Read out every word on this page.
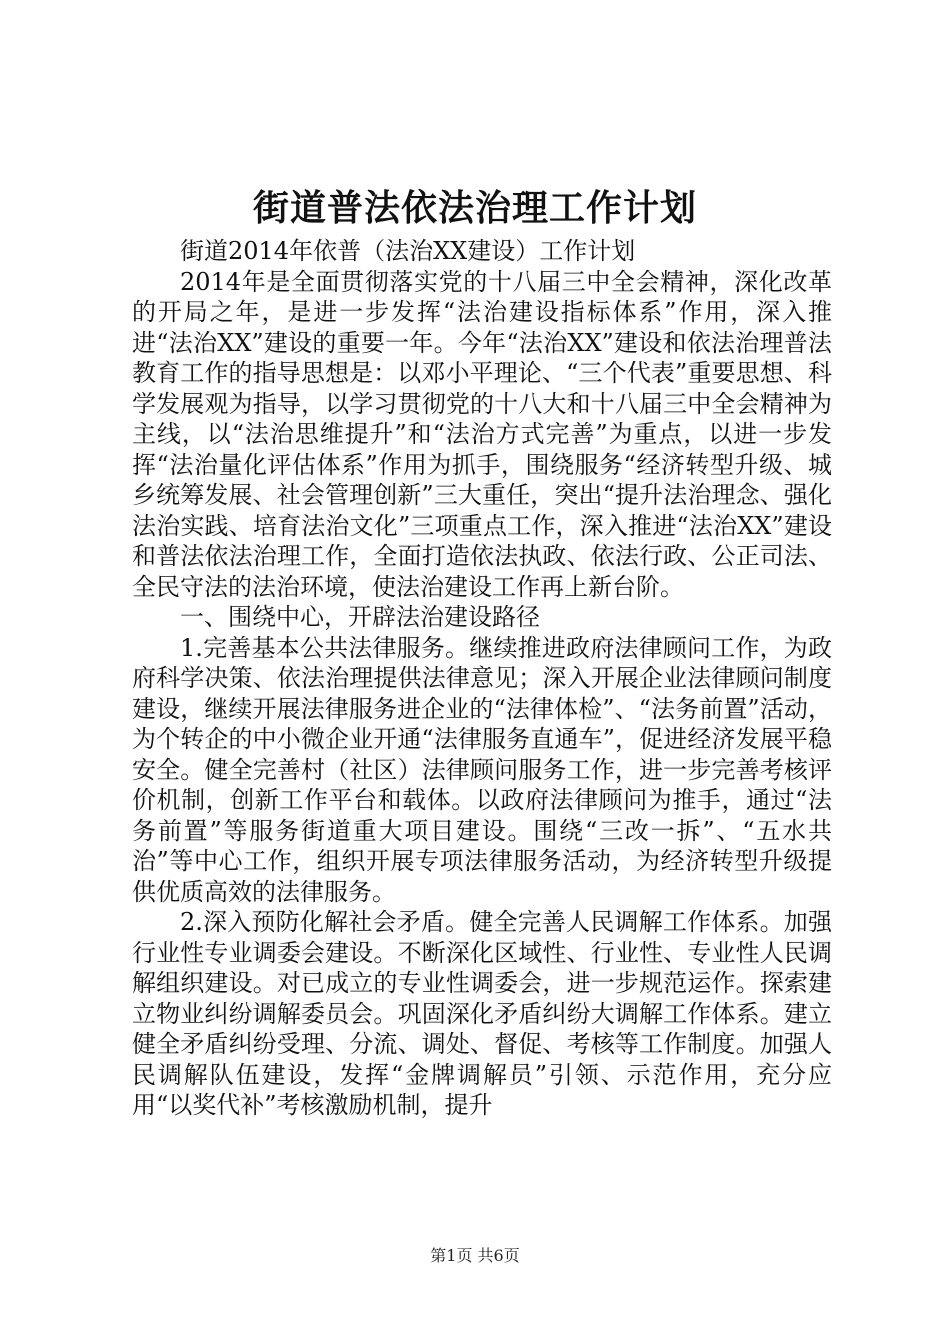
街道普法依法治理工作计划

街道2014年依普（法治XX建设）工作计划

2014年是全面贯彻落实党的十八届三中全会精神，深化改革的开局之年，是进一步发挥“法治建设指标体系”作用，深入推进“法治XX”建设的重要一年。今年“法治XX”建设和依法治理普法教育工作的指导思想是：以邓小平理论、“三个代表”重要思想、科学发展观为指导，以学习贯彻党的十八大和十八届三中全会精神为主线，以“法治思维提升”和“法治方式完善”为重点，以进一步发挥“法治量化评估体系”作用为抓手，围绕服务“经济转型升级、城乡统筹发展、社会管理创新”三大重任，突出“提升法治理念、强化法治实践、培育法治文化”三项重点工作，深入推进“法治XX”建设和普法依法治理工作，全面打造依法执政、依法行政、公正司法、全民守法的法治环境，使法治建设工作再上新台阶。

一、围绕中心，开辟法治建设路径

1.完善基本公共法律服务。继续推进政府法律顾问工作，为政府科学决策、依法治理提供法律意见；深入开展企业法律顾问制度建设，继续开展法律服务进企业的“法律体检”、“法务前置”活动，为个转企的中小微企业开通“法律服务直通车”，促进经济发展平稳安全。健全完善村（社区）法律顾问服务工作，进一步完善考核评价机制，创新工作平台和载体。以政府法律顾问为推手，通过“法务前置”等服务街道重大项目建设。围绕“三改一拆”、“五水共治”等中心工作，组织开展专项法律服务活动，为经济转型升级提供优质高效的法律服务。

2.深入预防化解社会矛盾。健全完善人民调解工作体系。加强行业性专业调委会建设。不断深化区域性、行业性、专业性人民调解组织建设。对已成立的专业性调委会，进一步规范运作。探索建立物业纠纷调解委员会。巩固深化矛盾纠纷大调解工作体系。建立健全矛盾纠纷受理、分流、调处、督促、考核等工作制度。加强人民调解队伍建设，发挥“金牌调解员”引领、示范作用，充分应用“以奖代补”考核激励机制，提升

第1页 共6页
